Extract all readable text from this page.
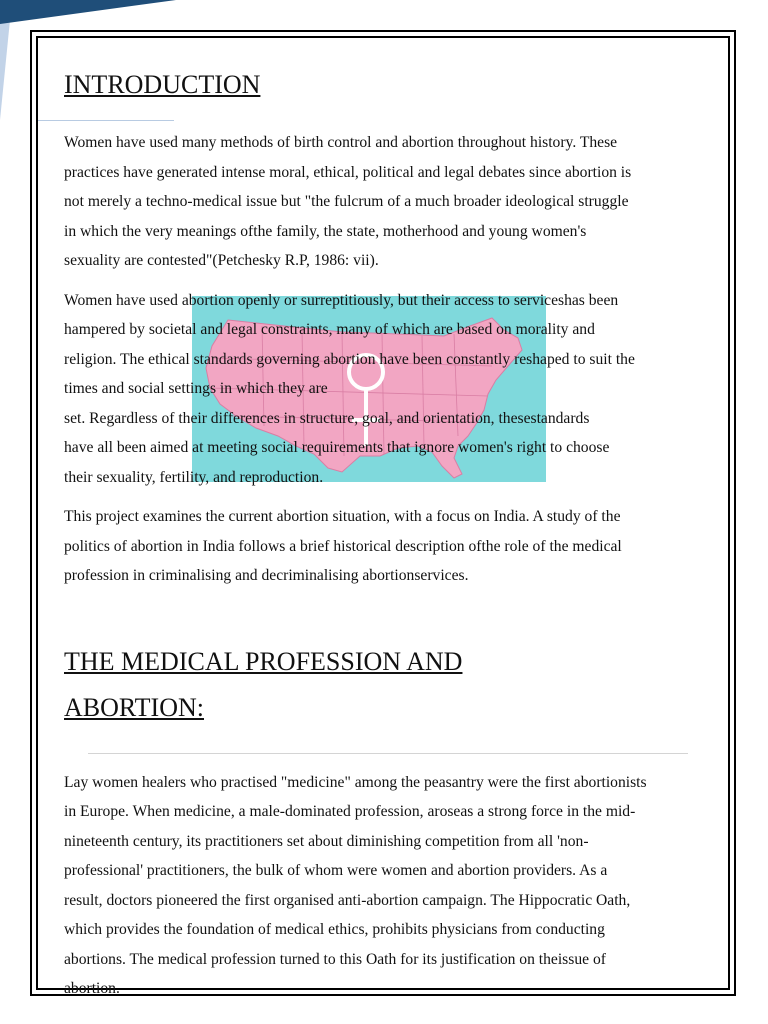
INTRODUCTION

Women have used many methods of birth control and abortion throughout history. These

practices have generated intense moral, ethical, political and legal debates since abortion is

not merely a techno-medical issue but "the fulcrum of a much broader ideological struggle

in which the very meanings ofthe family, the state, motherhood and young women's

sexuality are contested"(Petchesky R.P, 1986: vii).

Women have used abortion openly or surreptitiously, but their access to serviceshas been

hampered by societal and legal constraints, many of which are based on morality and

religion. The ethical standards governing abortion have been constantly reshaped to suit the

times and social settings in which they are

set. Regardless of their differences in structure, goal, and orientation, thesestandards

have all been aimed at meeting social requirements that ignore women's right to choose

their sexuality, fertility, and reproduction.

This project examines the current abortion situation, with a focus on India. A study of the

politics of abortion in India follows a brief historical description ofthe role of the medical

profession in criminalising and decriminalising abortionservices.

THE MEDICAL PROFESSION AND
ABORTION:

Lay women healers who practised "medicine" among the peasantry were the first abortionists

in Europe. When medicine, a male-dominated profession, aroseas a strong force in the mid-

nineteenth century, its practitioners set about diminishing competition from all 'non-

professional' practitioners, the bulk of whom were women and abortion providers. As a

result, doctors pioneered the first organised anti-abortion campaign. The Hippocratic Oath,

which provides the foundation of medical ethics, prohibits physicians from conducting

abortions. The medical profession turned to this Oath for its justification on theissue of

abortion.
